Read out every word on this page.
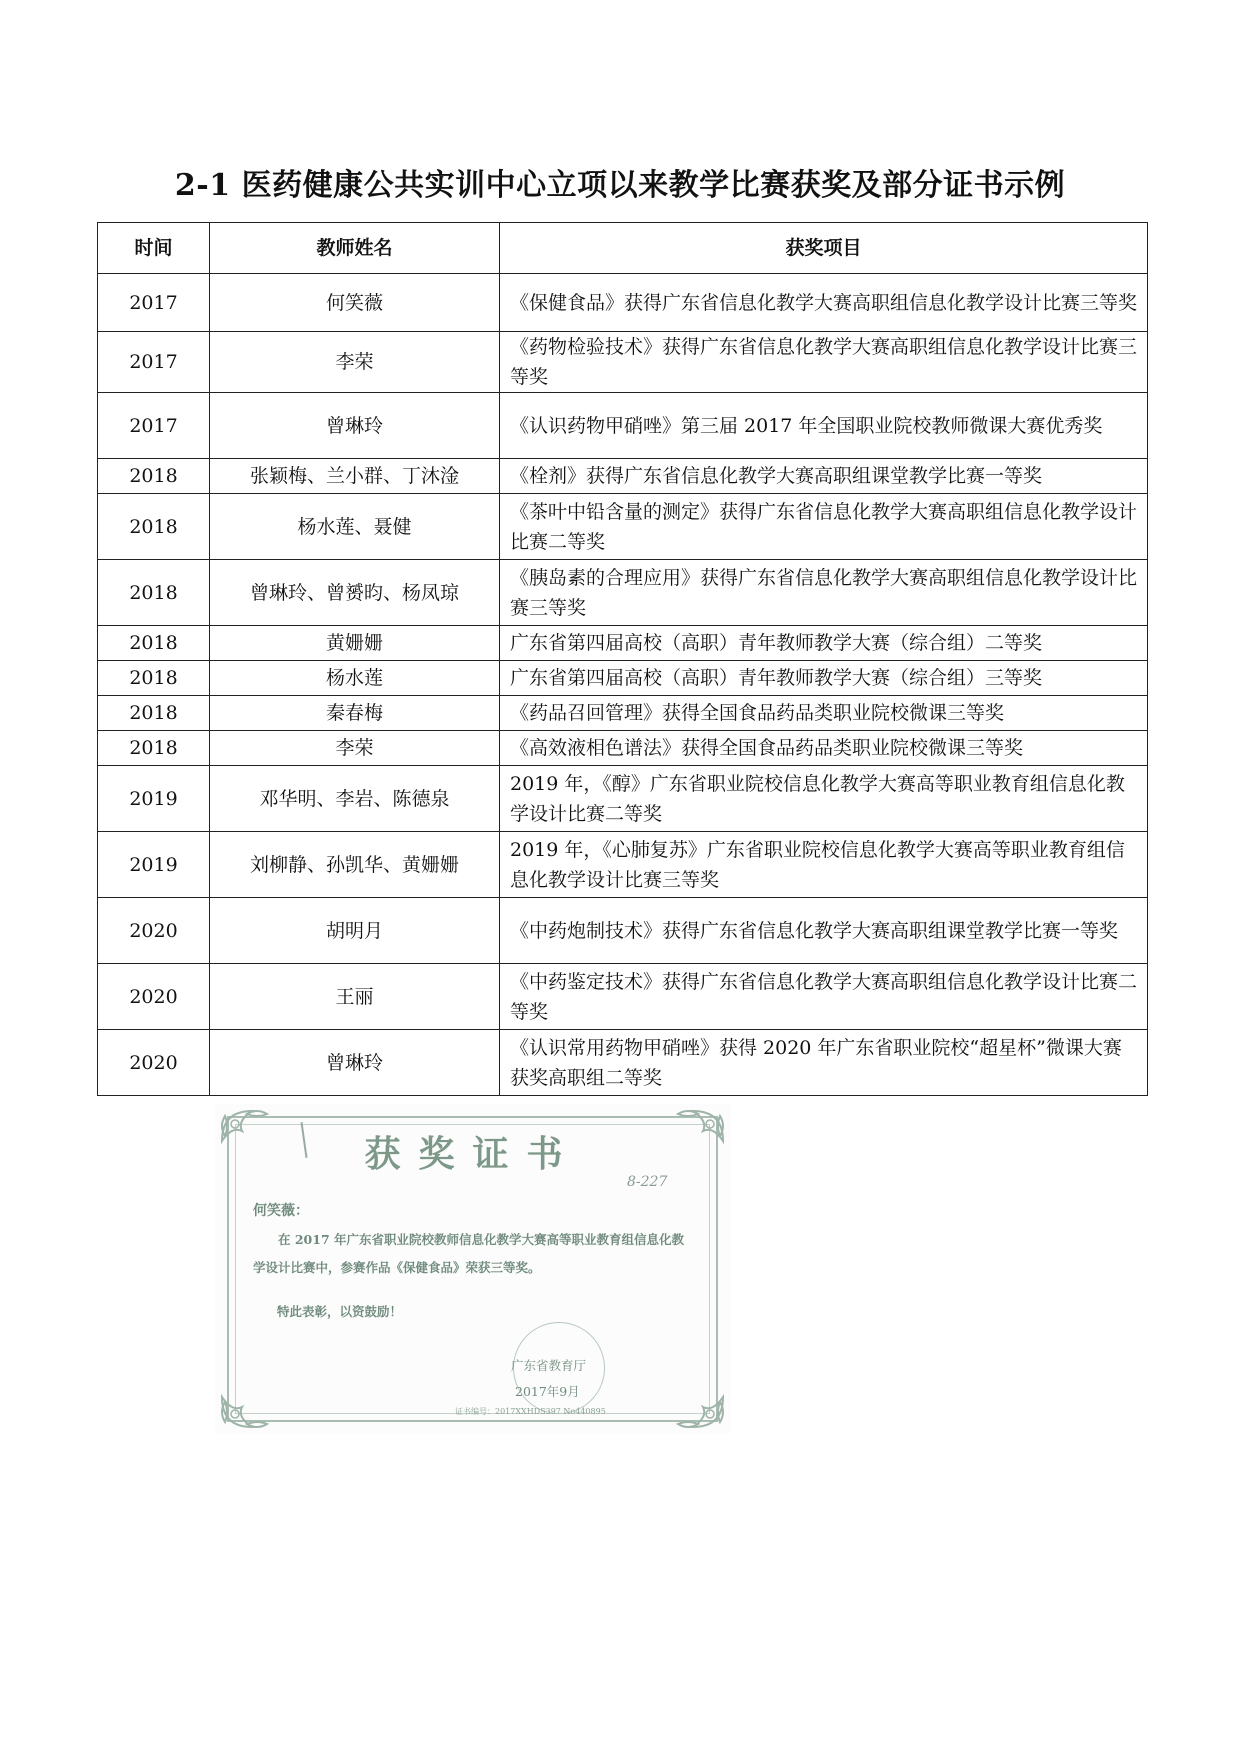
2-1 医药健康公共实训中心立项以来教学比赛获奖及部分证书示例
时间	教师姓名	获奖项目
2017	何笑薇	《保健食品》获得广东省信息化教学大赛高职组信息化教学设计比赛三等奖
2017	李荣	《药物检验技术》获得广东省信息化教学大赛高职组信息化教学设计比赛三等奖
2017	曾琳玲	《认识药物甲硝唑》第三届 2017 年全国职业院校教师微课大赛优秀奖
2018	张颖梅、兰小群、丁沐淦	《栓剂》获得广东省信息化教学大赛高职组课堂教学比赛一等奖
2018	杨水莲、聂健	《茶叶中铅含量的测定》获得广东省信息化教学大赛高职组信息化教学设计比赛二等奖
2018	曾琳玲、曾赟昀、杨凤琼	《胰岛素的合理应用》获得广东省信息化教学大赛高职组信息化教学设计比赛三等奖
2018	黄姗姗	广东省第四届高校（高职）青年教师教学大赛（综合组）二等奖
2018	杨水莲	广东省第四届高校（高职）青年教师教学大赛（综合组）三等奖
2018	秦春梅	《药品召回管理》获得全国食品药品类职业院校微课三等奖
2018	李荣	《高效液相色谱法》获得全国食品药品类职业院校微课三等奖
2019	邓华明、李岩、陈德泉	2019 年，《醇》广东省职业院校信息化教学大赛高等职业教育组信息化教学设计比赛二等奖
2019	刘柳静、孙凯华、黄姗姗	2019 年，《心肺复苏》广东省职业院校信息化教学大赛高等职业教育组信息化教学设计比赛三等奖
2020	胡明月	《中药炮制技术》获得广东省信息化教学大赛高职组课堂教学比赛一等奖
2020	王丽	《中药鉴定技术》获得广东省信息化教学大赛高职组信息化教学设计比赛二等奖
2020	曾琳玲	《认识常用药物甲硝唑》获得 2020 年广东省职业院校“超星杯”微课大赛获奖高职组二等奖
获奖证书
8-227
何笑薇：
在 2017 年广东省职业院校教师信息化教学大赛高等职业教育组信息化教学设计比赛中，参赛作品《保健食品》荣获三等奖。
特此表彰，以资鼓励！
广东省教育厅
2017年9月
证书编号：2017XXHDS397 No440895
